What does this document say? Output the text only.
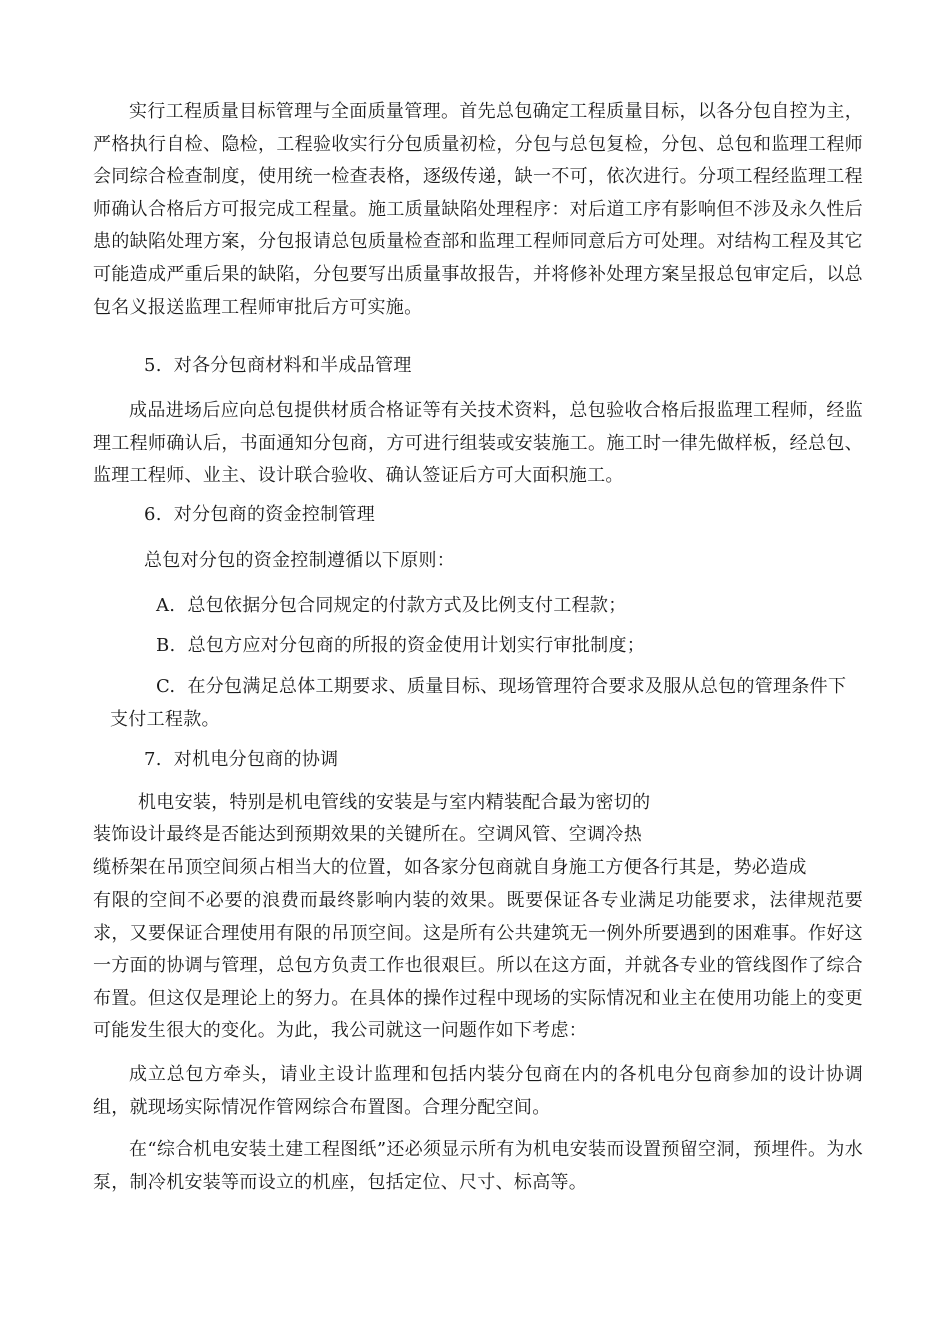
实行工程质量目标管理与全面质量管理。首先总包确定工程质量目标，以各分包自控为主，严格执行自检、隐检，工程验收实行分包质量初检，分包与总包复检，分包、总包和监理工程师会同综合检查制度，使用统一检查表格，逐级传递，缺一不可，依次进行。分项工程经监理工程师确认合格后方可报完成工程量。施工质量缺陷处理程序：对后道工序有影响但不涉及永久性后患的缺陷处理方案，分包报请总包质量检查部和监理工程师同意后方可处理。对结构工程及其它可能造成严重后果的缺陷，分包要写出质量事故报告，并将修补处理方案呈报总包审定后，以总包名义报送监理工程师审批后方可实施。

5. 对各分包商材料和半成品管理

成品进场后应向总包提供材质合格证等有关技术资料，总包验收合格后报监理工程师，经监理工程师确认后，书面通知分包商，方可进行组装或安装施工。施工时一律先做样板，经总包、监理工程师、业主、设计联合验收、确认签证后方可大面积施工。

6. 对分包商的资金控制管理
总包对分包的资金控制遵循以下原则：
A. 总包依据分包合同规定的付款方式及比例支付工程款；
B. 总包方应对分包商的所报的资金使用计划实行审批制度；
C. 在分包满足总体工期要求、质量目标、现场管理符合要求及服从总包的管理条件下支付工程款。
7. 对机电分包商的协调
机电安装，特别是机电管线的安装是与室内精装配合最为密切的
装饰设计最终是否能达到预期效果的关键所在。空调风管、空调冷热
缆桥架在吊顶空间须占相当大的位置，如各家分包商就自身施工方便各行其是，势必造成

有限的空间不必要的浪费而最终影响内装的效果。既要保证各专业满足功能要求，法律规范要求，又要保证合理使用有限的吊顶空间。这是所有公共建筑无一例外所要遇到的困难事。作好这一方面的协调与管理，总包方负责工作也很艰巨。所以在这方面，并就各专业的管线图作了综合布置。但这仅是理论上的努力。在具体的操作过程中现场的实际情况和业主在使用功能上的变更可能发生很大的变化。为此，我公司就这一问题作如下考虑：

成立总包方牵头，请业主设计监理和包括内装分包商在内的各机电分包商参加的设计协调组，就现场实际情况作管网综合布置图。合理分配空间。

在“综合机电安装土建工程图纸”还必须显示所有为机电安装而设置预留空洞，预埋件。为水泵，制冷机安装等而设立的机座，包括定位、尺寸、标高等。
